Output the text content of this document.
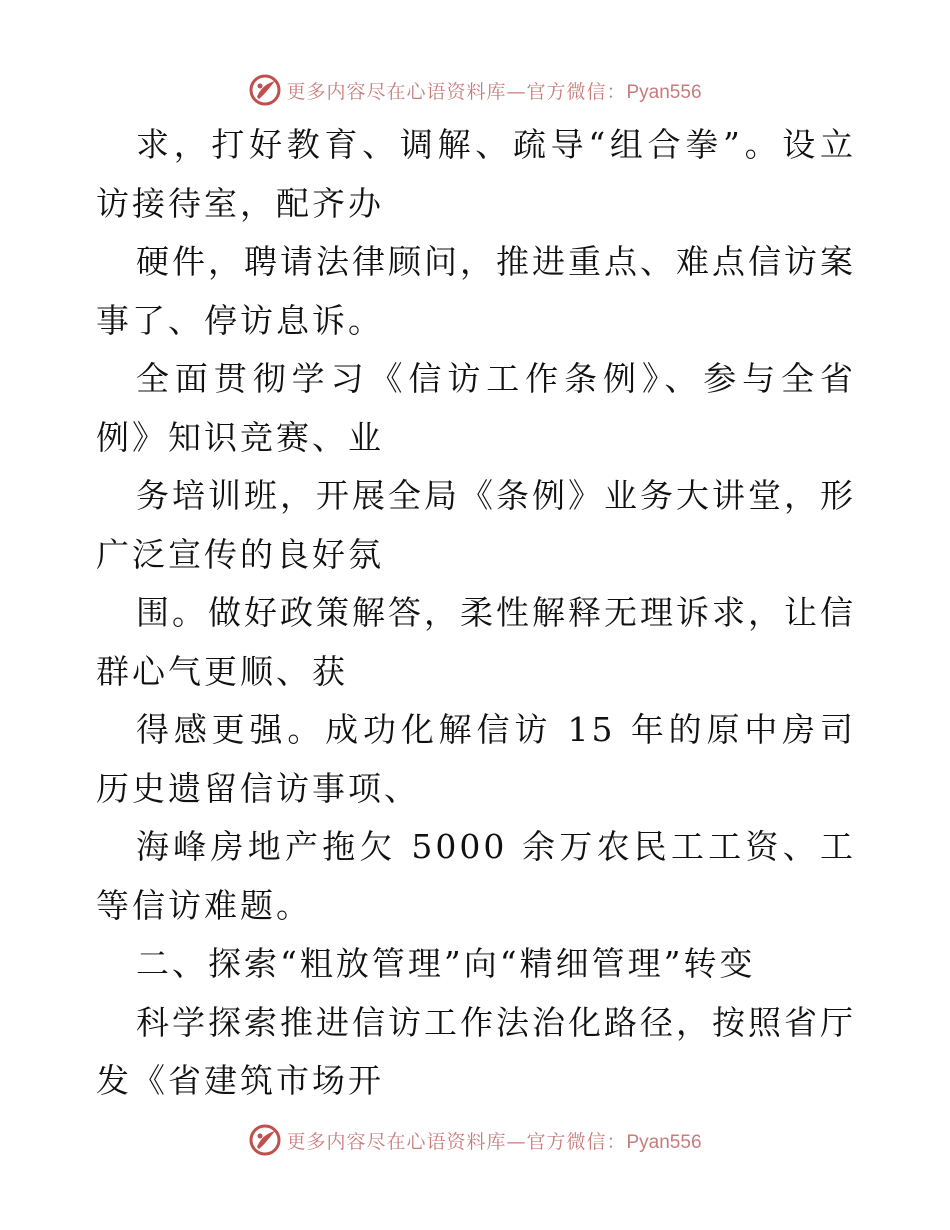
更多内容尽在心语资料库—官方微信：Pyan556
求，打好教育、调解、疏导“组合拳”。设立
访接待室，配齐办
硬件，聘请法律顾问，推进重点、难点信访案
事了、停访息诉。
全面贯彻学习《信访工作条例》、参与全省
例》知识竞赛、业
务培训班，开展全局《条例》业务大讲堂，形
广泛宣传的良好氛
围。做好政策解答，柔性解释无理诉求，让信
群心气更顺、获
得感更强。成功化解信访 15 年的原中房司
历史遗留信访事项、
海峰房地产拖欠 5000 余万农民工工资、工
等信访难题。
二、探索“粗放管理”向“精细管理”转变
科学探索推进信访工作法治化路径，按照省厅
发《省建筑市场开
更多内容尽在心语资料库—官方微信：Pyan556
